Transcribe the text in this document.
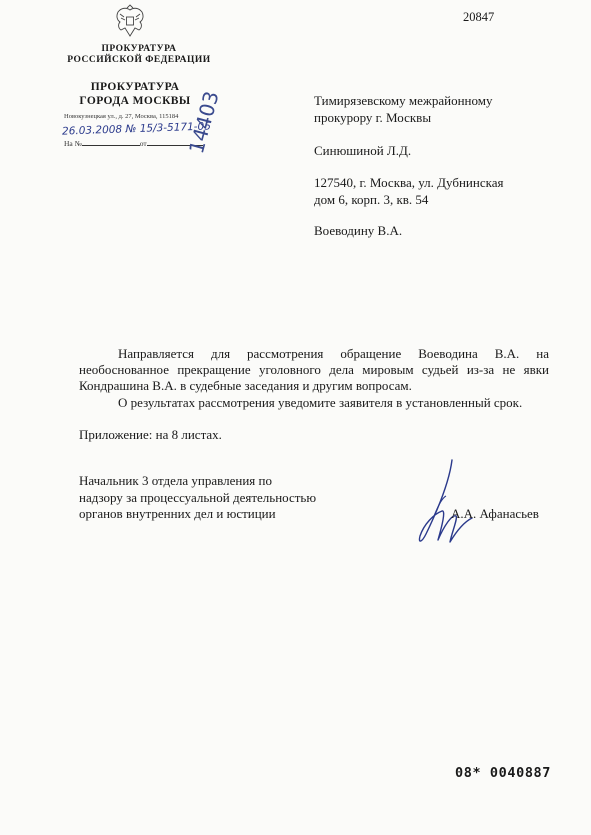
ПРОКУРАТУРА
РОССИЙСКОЙ ФЕДЕРАЦИИ
ПРОКУРАТУРА
ГОРОДА МОСКВЫ
Новокузнецкая ул., д. 27, Москва, 115184
26.03.2008 № 15/3-5171-05
На №	от	14403
20847
Тимирязевскому межрайонному
прокурору г. Москвы
Синюшиной Л.Д.
127540, г. Москва, ул. Дубнинская
дом 6, корп. 3, кв. 54
Воеводину В.А.
Направляется для рассмотрения обращение Воеводина В.А. на необоснованное прекращение уголовного дела мировым судьей из-за не явки Кондрашина В.А. в судебные заседания и другим вопросам.
О результатах рассмотрения уведомите заявителя в установленный срок.
Приложение: на 8 листах.
Начальник 3 отдела управления по
надзору за процессуальной деятельностью
органов внутренних дел и юстиции	А.А. Афанасьев
08* 0040887
